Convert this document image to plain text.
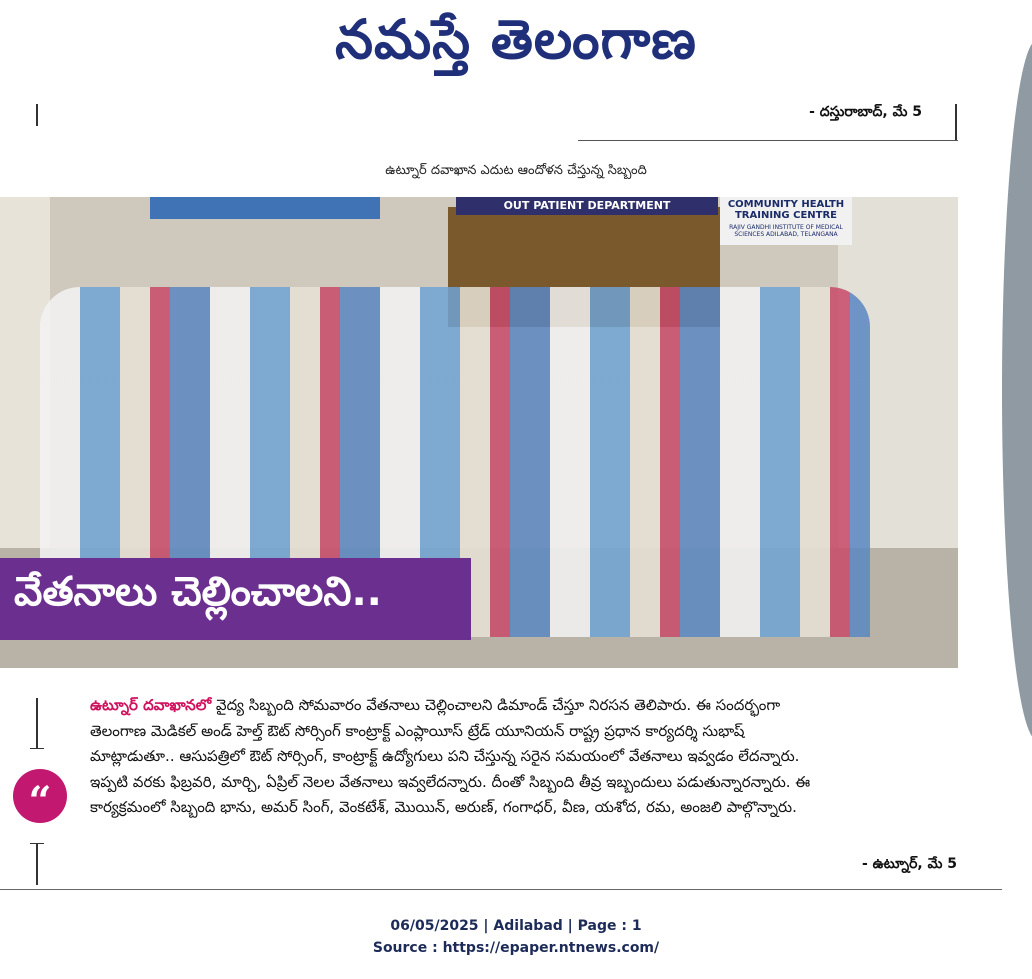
నమస్తే తెలంగాణ
- దస్తురాబాద్, మే 5
ఉట్నూర్ దవాఖాన ఎదుట ఆందోళన చేస్తున్న సిబ్బంది
OUT PATIENT DEPARTMENT	COMMUNITY HEALTH TRAINING CENTRE
RAJIV GANDHI INSTITUTE OF MEDICAL SCIENCES ADILABAD, TELANGANA
వేతనాలు చెల్లించాలని..
“
ఉట్నూర్ దవాఖానలో వైద్య సిబ్బంది సోమవారం వేతనాలు చెల్లించాలని డిమాండ్ చేస్తూ నిరసన తెలిపారు. ఈ సందర్భంగా
తెలంగాణ మెడికల్ అండ్ హెల్త్ ఔట్ సోర్సింగ్ కాంట్రాక్ట్ ఎంప్లాయీస్ ట్రేడ్ యూనియన్ రాష్ట్ర ప్రధాన కార్యదర్శి సుభాష్
మాట్లాడుతూ.. ఆసుపత్రిలో ఔట్ సోర్సింగ్, కాంట్రాక్ట్ ఉద్యోగులు పని చేస్తున్న సరైన సమయంలో వేతనాలు ఇవ్వడం లేదన్నారు.
ఇప్పటి వరకు ఫిబ్రవరి, మార్చి, ఏప్రిల్ నెలల వేతనాలు ఇవ్వలేదన్నారు. దీంతో సిబ్బంది తీవ్ర ఇబ్బందులు పడుతున్నారన్నారు. ఈ
కార్యక్రమంలో సిబ్బంది భాను, అమర్ సింగ్, వెంకటేశ్, మొయిన్, అరుణ్, గంగాధర్, వీణ, యశోద, రమ, అంజలి పాల్గొన్నారు.
- ఉట్నూర్, మే 5
06/05/2025 | Adilabad | Page : 1
Source : https://epaper.ntnews.com/
